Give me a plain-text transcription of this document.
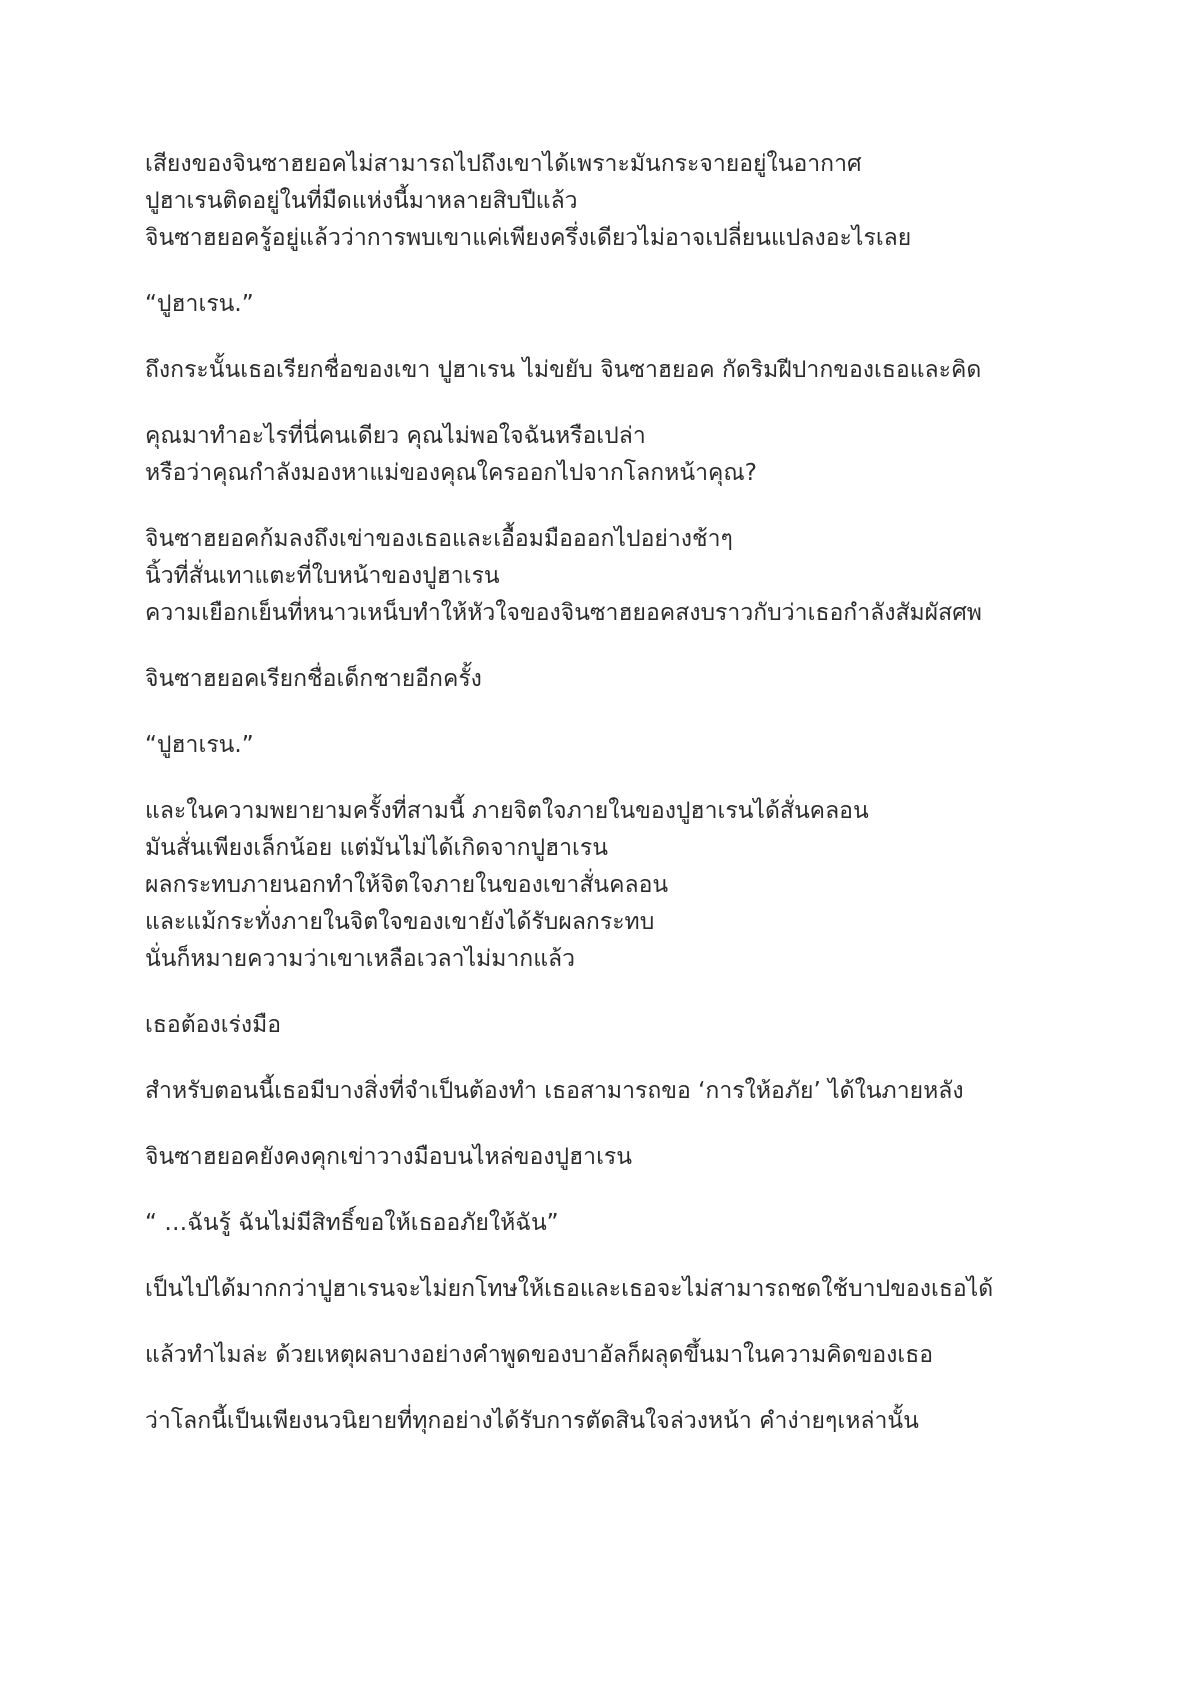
เสียงของจินซาฮยอคไม่สามารถไปถึงเขาได้เพราะมันกระจายอยู่ในอากาศ
ปูฮาเรนติดอยู่ในที่มืดแห่งนี้มาหลายสิบปีแล้ว
จินซาฮยอครู้อยู่แล้วว่าการพบเขาแค่เพียงครึ่งเดียวไม่อาจเปลี่ยนแปลงอะไรเลย

“ปูฮาเรน.”

ถึงกระนั้นเธอเรียกชื่อของเขา ปูฮาเรน ไม่ขยับ จินซาฮยอค กัดริมฝีปากของเธอและคิด

คุณมาทำอะไรที่นี่คนเดียว คุณไม่พอใจฉันหรือเปล่า
หรือว่าคุณกำลังมองหาแม่ของคุณใครออกไปจากโลกหน้าคุณ?

จินซาฮยอคก้มลงถึงเข่าของเธอและเอื้อมมือออกไปอย่างช้าๆ
นิ้วที่สั่นเทาแตะที่ใบหน้าของปูฮาเรน
ความเยือกเย็นที่หนาวเหน็บทำให้หัวใจของจินซาฮยอคสงบราวกับว่าเธอกำลังสัมผัสศพ

จินซาฮยอคเรียกชื่อเด็กชายอีกครั้ง

“ปูฮาเรน.”

และในความพยายามครั้งที่สามนี้ ภายจิตใจภายในของปูฮาเรนได้สั่นคลอน
มันสั่นเพียงเล็กน้อย แต่มันไม่ได้เกิดจากปูฮาเรน
ผลกระทบภายนอกทำให้จิตใจภายในของเขาสั่นคลอน
และแม้กระทั่งภายในจิตใจของเขายังได้รับผลกระทบ
นั่นก็หมายความว่าเขาเหลือเวลาไม่มากแล้ว

เธอต้องเร่งมือ

สำหรับตอนนี้เธอมีบางสิ่งที่จำเป็นต้องทำ เธอสามารถขอ ‘การให้อภัย’ ได้ในภายหลัง

จินซาฮยอคยังคงคุกเข่าวางมือบนไหล่ของปูฮาเรน

“ …ฉันรู้ ฉันไม่มีสิทธิ์ขอให้เธออภัยให้ฉัน”

เป็นไปได้มากกว่าปูฮาเรนจะไม่ยกโทษให้เธอและเธอจะไม่สามารถชดใช้บาปของเธอได้

แล้วทำไมล่ะ ด้วยเหตุผลบางอย่างคำพูดของบาอัลก็ผลุดขึ้นมาในความคิดของเธอ

ว่าโลกนี้เป็นเพียงนวนิยายที่ทุกอย่างได้รับการตัดสินใจล่วงหน้า คำง่ายๆเหล่านั้น
